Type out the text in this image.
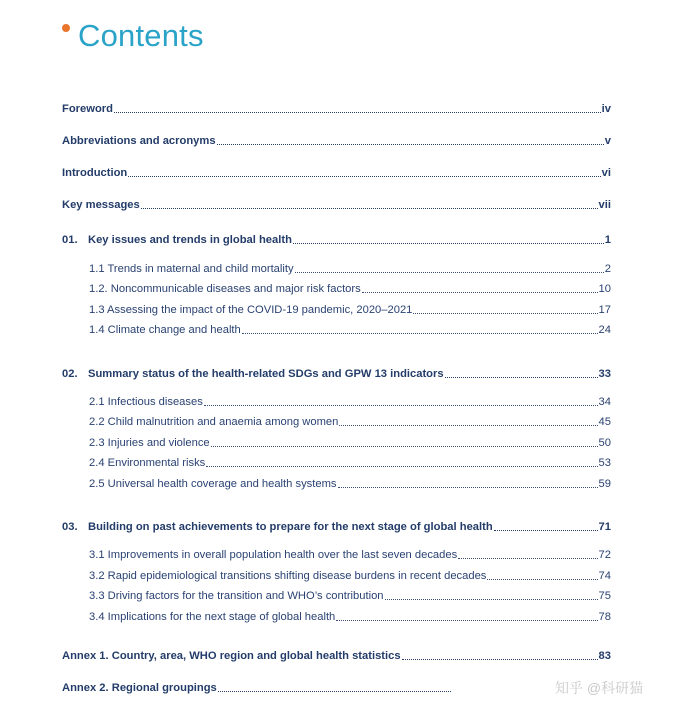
Contents
Foreword	iv
Abbreviations and acronyms	v
Introduction	vi
Key messages	vii
01. Key issues and trends in global health	1
1.1 Trends in maternal and child mortality	2
1.2. Noncommunicable diseases and major risk factors	10
1.3 Assessing the impact of the COVID-19 pandemic, 2020–2021	17
1.4 Climate change and health	24
02. Summary status of the health-related SDGs and GPW 13 indicators	33
2.1 Infectious diseases	34
2.2 Child malnutrition and anaemia among women	45
2.3 Injuries and violence	50
2.4 Environmental risks	53
2.5 Universal health coverage and health systems	59
03. Building on past achievements to prepare for the next stage of global health	71
3.1 Improvements in overall population health over the last seven decades	72
3.2 Rapid epidemiological transitions shifting disease burdens in recent decades	74
3.3 Driving factors for the transition and WHO’s contribution	75
3.4 Implications for the next stage of global health	78
Annex 1. Country, area, WHO region and global health statistics	83
Annex 2. Regional groupings	知乎 @科研猫
